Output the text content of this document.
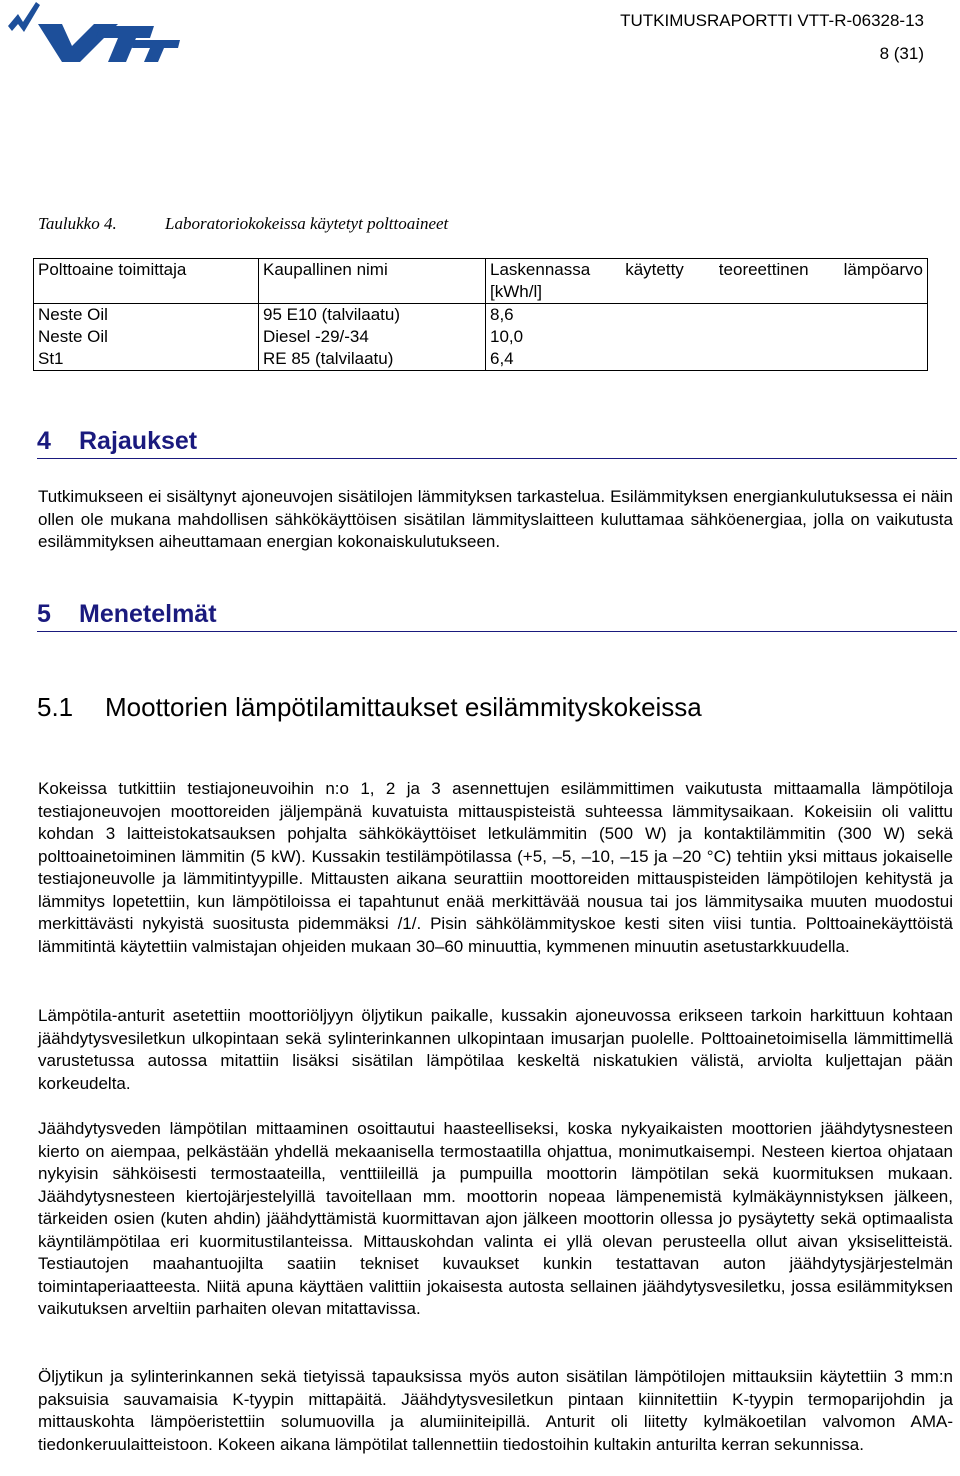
TUTKIMUSRAPORTTI VTT-R-06328-13
8 (31)
Taulukko 4.	Laboratoriokokeissa käytetyt polttoaineet
Polttoaine toimittaja	Kaupallinen nimi	Laskennassa käytetty teoreettinen lämpöarvo
[kWh/l]

Neste Oil	95 E10 (talvilaatu)	8,6
Neste Oil	Diesel -29/-34	10,0
St1	RE 85 (talvilaatu)	6,4
4 Rajaukset

Tutkimukseen ei sisältynyt ajoneuvojen sisätilojen lämmityksen tarkastelua. Esilämmityksen energiankulutuksessa ei näin ollen ole mukana mahdollisen sähkökäyttöisen sisätilan lämmityslaitteen kuluttamaa sähköenergiaa, jolla on vaikutusta esilämmityksen aiheuttamaan energian kokonaiskulutukseen.

5 Menetelmät
5.1 Moottorien lämpötilamittaukset esilämmityskokeissa

Kokeissa tutkittiin testiajoneuvoihin n:o 1, 2 ja 3 asennettujen esilämmittimen vaikutusta mittaamalla lämpötiloja testiajoneuvojen moottoreiden jäljempänä kuvatuista mittauspisteistä suhteessa lämmitysaikaan. Kokeisiin oli valittu kohdan 3 laitteistokatsauksen pohjalta sähkökäyttöiset letkulämmitin (500 W) ja kontaktilämmitin (300 W) sekä polttoainetoiminen lämmitin (5 kW). Kussakin testilämpötilassa (+5, –5, –10, –15 ja –20 °C) tehtiin yksi mittaus jokaiselle testiajoneuvolle ja lämmitintyypille. Mittausten aikana seurattiin moottoreiden mittauspisteiden lämpötilojen kehitystä ja lämmitys lopetettiin, kun lämpötiloissa ei tapahtunut enää merkittävää nousua tai jos lämmitysaika muuten muodostui merkittävästi nykyistä suositusta pidemmäksi /1/. Pisin sähkölämmityskoe kesti siten viisi tuntia. Polttoainekäyttöistä lämmitintä käytettiin valmistajan ohjeiden mukaan 30–60 minuuttia, kymmenen minuutin asetustarkkuudella.

Lämpötila-anturit asetettiin moottoriöljyyn öljytikun paikalle, kussakin ajoneuvossa erikseen tarkoin harkittuun kohtaan jäähdytysvesiletkun ulkopintaan sekä sylinterinkannen ulkopintaan imusarjan puolelle. Polttoainetoimisella lämmittimellä varustetussa autossa mitattiin lisäksi sisätilan lämpötilaa keskeltä niskatukien välistä, arviolta kuljettajan pään korkeudelta.

Jäähdytysveden lämpötilan mittaaminen osoittautui haasteelliseksi, koska nykyaikaisten moottorien jäähdytysnesteen kierto on aiempaa, pelkästään yhdellä mekaanisella termostaatilla ohjattua, monimutkaisempi. Nesteen kiertoa ohjataan nykyisin sähköisesti termostaateilla, venttiileillä ja pumpuilla moottorin lämpötilan sekä kuormituksen mukaan. Jäähdytysnesteen kiertojärjestelyillä tavoitellaan mm. moottorin nopeaa lämpenemistä kylmäkäynnistyksen jälkeen, tärkeiden osien (kuten ahdin) jäähdyttämistä kuormittavan ajon jälkeen moottorin ollessa jo pysäytetty sekä optimaalista käyntilämpötilaa eri kuormitustilanteissa. Mittauskohdan valinta ei yllä olevan perusteella ollut aivan yksiselitteistä. Testiautojen maahantuojilta saatiin tekniset kuvaukset kunkin testattavan auton jäähdytysjärjestelmän toimintaperiaatteesta. Niitä apuna käyttäen valittiin jokaisesta autosta sellainen jäähdytysvesiletku, jossa esilämmityksen vaikutuksen arveltiin parhaiten olevan mitattavissa.

Öljytikun ja sylinterinkannen sekä tietyissä tapauksissa myös auton sisätilan lämpötilojen mittauksiin käytettiin 3 mm:n paksuisia sauvamaisia K-tyypin mittapäitä. Jäähdytysvesiletkun pintaan kiinnitettiin K-tyypin termoparijohdin ja mittauskohta lämpöeristettiin solumuovilla ja alumiiniteipillä. Anturit oli liitetty kylmäkoetilan valvomon AMA-tiedonkeruulaitteistoon. Kokeen aikana lämpötilat tallennettiin tiedostoihin kultakin anturilta kerran sekunnissa.
